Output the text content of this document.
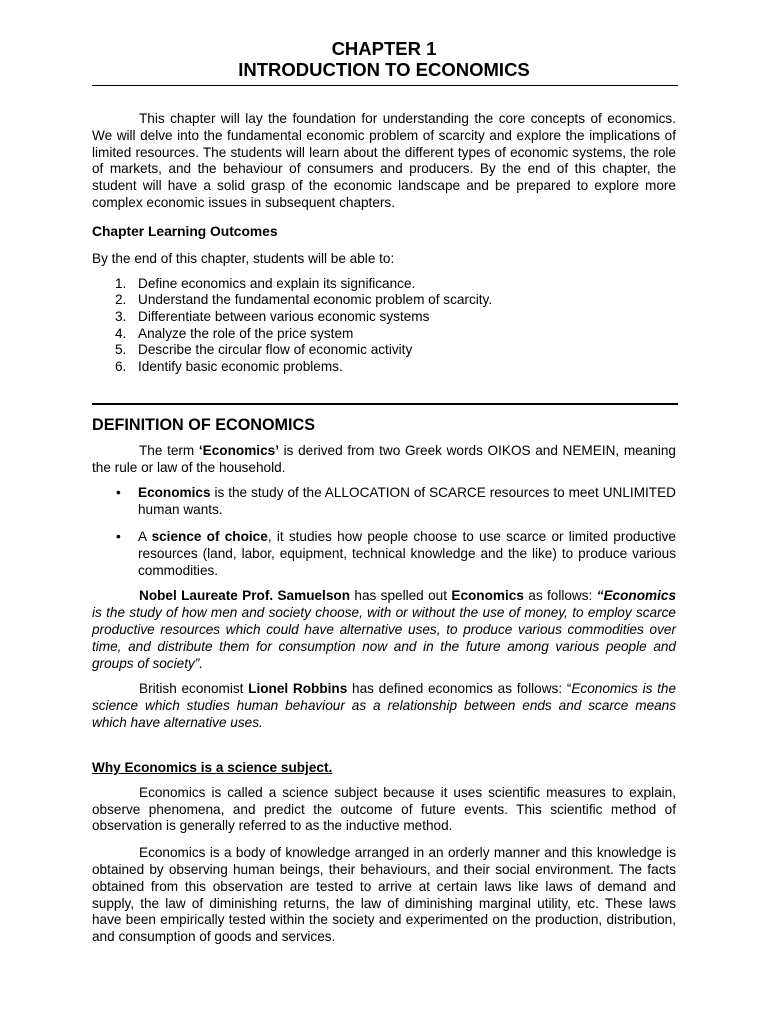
CHAPTER 1
INTRODUCTION TO ECONOMICS

This chapter will lay the foundation for understanding the core concepts of economics. We will delve into the fundamental economic problem of scarcity and explore the implications of limited resources. The students will learn about the different types of economic systems, the role of markets, and the behaviour of consumers and producers. By the end of this chapter, the student will have a solid grasp of the economic landscape and be prepared to explore more complex economic issues in subsequent chapters.

Chapter Learning Outcomes

By the end of this chapter, students will be able to:

1. Define economics and explain its significance.
2. Understand the fundamental economic problem of scarcity.
3. Differentiate between various economic systems
4. Analyze the role of the price system
5. Describe the circular flow of economic activity
6. Identify basic economic problems.
DEFINITION OF ECONOMICS

The term ‘Economics’ is derived from two Greek words OIKOS and NEMEIN, meaning the rule or law of the household.

• Economics is the study of the ALLOCATION of SCARCE resources to meet UNLIMITED human wants.
• A science of choice, it studies how people choose to use scarce or limited productive resources (land, labor, equipment, technical knowledge and the like) to produce various commodities.

Nobel Laureate Prof. Samuelson has spelled out Economics as follows: “Economics is the study of how men and society choose, with or without the use of money, to employ scarce productive resources which could have alternative uses, to produce various commodities over time, and distribute them for consumption now and in the future among various people and groups of society”.

British economist Lionel Robbins has defined economics as follows: “Economics is the science which studies human behaviour as a relationship between ends and scarce means which have alternative uses.

Why Economics is a science subject.

Economics is called a science subject because it uses scientific measures to explain, observe phenomena, and predict the outcome of future events. This scientific method of observation is generally referred to as the inductive method.

Economics is a body of knowledge arranged in an orderly manner and this knowledge is obtained by observing human beings, their behaviours, and their social environment. The facts obtained from this observation are tested to arrive at certain laws like laws of demand and supply, the law of diminishing returns, the law of diminishing marginal utility, etc. These laws have been empirically tested within the society and experimented on the production, distribution, and consumption of goods and services.
